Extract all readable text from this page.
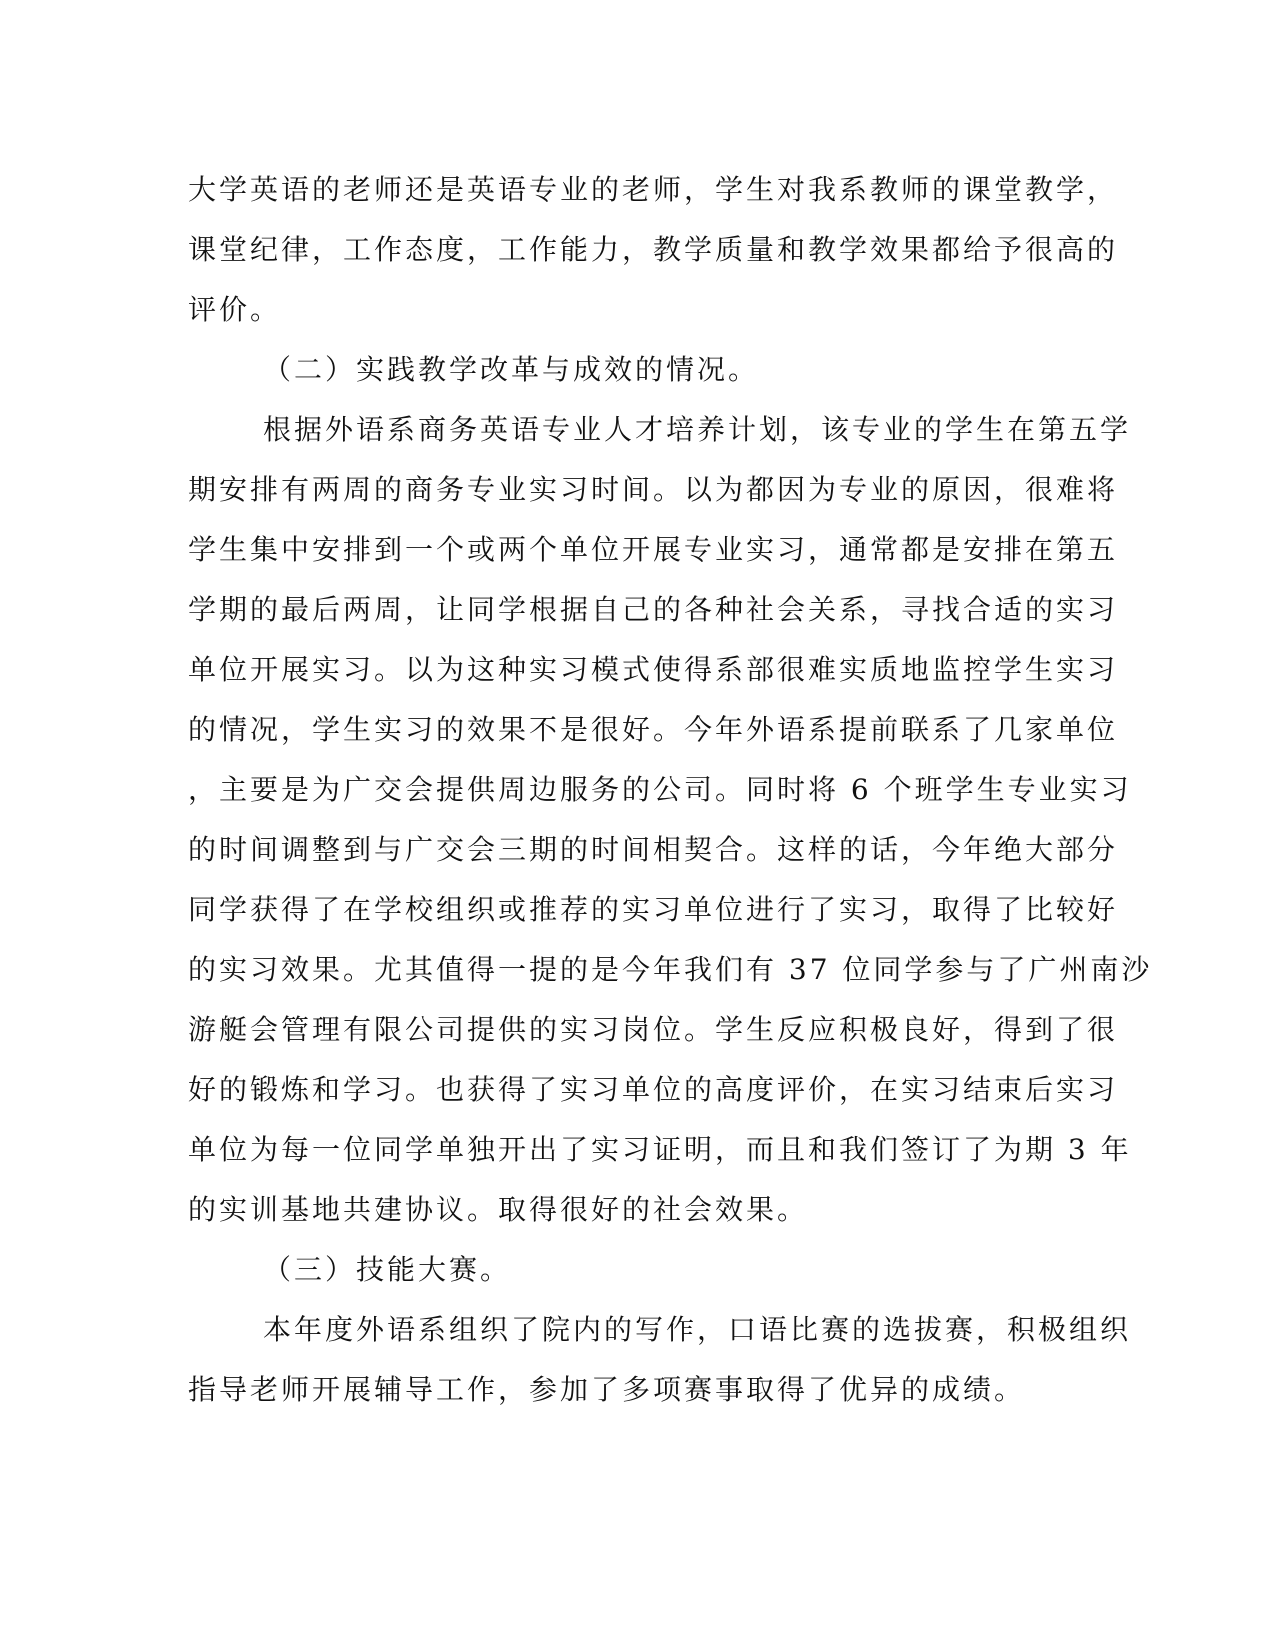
大学英语的老师还是英语专业的老师，学生对我系教师的课堂教学，
课堂纪律，工作态度，工作能力，教学质量和教学效果都给予很高的
评价。
（二）实践教学改革与成效的情况。
根据外语系商务英语专业人才培养计划，该专业的学生在第五学
期安排有两周的商务专业实习时间。以为都因为专业的原因，很难将
学生集中安排到一个或两个单位开展专业实习，通常都是安排在第五
学期的最后两周，让同学根据自己的各种社会关系，寻找合适的实习
单位开展实习。以为这种实习模式使得系部很难实质地监控学生实习
的情况，学生实习的效果不是很好。今年外语系提前联系了几家单位
，主要是为广交会提供周边服务的公司。同时将 6 个班学生专业实习
的时间调整到与广交会三期的时间相契合。这样的话，今年绝大部分
同学获得了在学校组织或推荐的实习单位进行了实习，取得了比较好
的实习效果。尤其值得一提的是今年我们有 37 位同学参与了广州南沙
游艇会管理有限公司提供的实习岗位。学生反应积极良好，得到了很
好的锻炼和学习。也获得了实习单位的高度评价，在实习结束后实习
单位为每一位同学单独开出了实习证明，而且和我们签订了为期 3 年
的实训基地共建协议。取得很好的社会效果。
（三）技能大赛。
本年度外语系组织了院内的写作，口语比赛的选拔赛，积极组织
指导老师开展辅导工作，参加了多项赛事取得了优异的成绩。
